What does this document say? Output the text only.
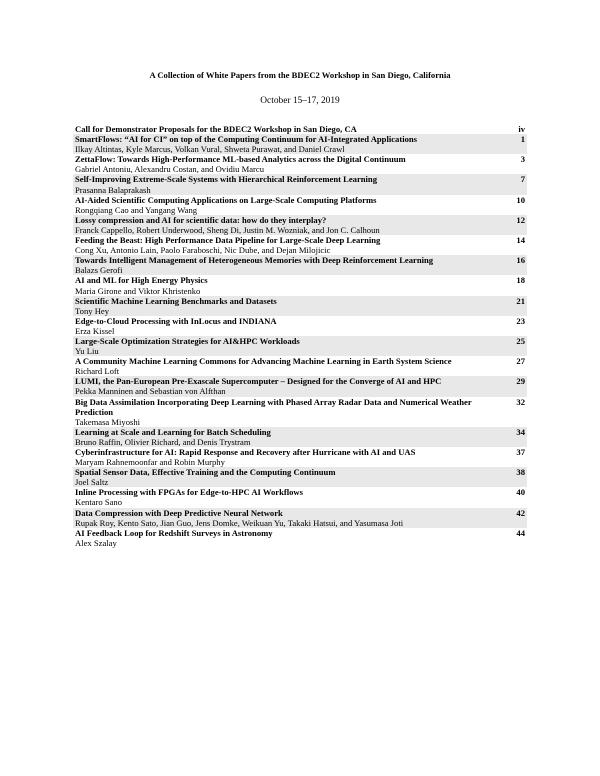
A Collection of White Papers from the BDEC2 Workshop in San Diego, California
October 15–17, 2019
Call for Demonstrator Proposals for the BDEC2 Workshop in San Diego, CA	iv
SmartFlows: “AI for CI” on top of the Computing Continuum for AI-Integrated Applications
Ilkay Altintas, Kyle Marcus, Volkan Vural, Shweta Purawat, and Daniel Crawl
1
ZettaFlow: Towards High-Performance ML-based Analytics across the Digital Continuum
Gabriel Antoniu, Alexandru Costan, and Ovidiu Marcu
3
Self-Improving Extreme-Scale Systems with Hierarchical Reinforcement Learning
Prasanna Balaprakash
7
AI-Aided Scientific Computing Applications on Large-Scale Computing Platforms
Rongqiang Cao and Yangang Wang
10
Lossy compression and AI for scientific data: how do they interplay?
Franck Cappello, Robert Underwood, Sheng Di, Justin M. Wozniak, and Jon C. Calhoun
12
Feeding the Beast: High Performance Data Pipeline for Large-Scale Deep Learning
Cong Xu, Antonio Lain, Paolo Faraboschi, Nic Dube, and Dejan Milojicic
14
Towards Intelligent Management of Heterogeneous Memories with Deep Reinforcement Learning
Balazs Gerofi
16
AI and ML for High Energy Physics
Maria Girone and Viktor Khristenko
18
Scientific Machine Learning Benchmarks and Datasets
Tony Hey
21
Edge-to-Cloud Processing with InLocus and INDIANA
Erza Kissel
23
Large-Scale Optimization Strategies for AI&HPC Workloads
Yu Liu
25
A Community Machine Learning Commons for Advancing Machine Learning in Earth System Science
Richard Loft
27
LUMI, the Pan-European Pre-Exascale Supercomputer – Designed for the Converge of AI and HPC
Pekka Manninen and Sebastian von Alfthan
29
Big Data Assimilation Incorporating Deep Learning with Phased Array Radar Data and Numerical Weather Prediction
Takemasa Miyoshi
32
Learning at Scale and Learning for Batch Scheduling
Bruno Raffin, Olivier Richard, and Denis Trystram
34
Cyberinfrastructure for AI: Rapid Response and Recovery after Hurricane with AI and UAS
Maryam Rahnemoonfar and Robin Murphy
37
Spatial Sensor Data, Effective Training and the Computing Continuum
Joel Saltz
38
Inline Processing with FPGAs for Edge-to-HPC AI Workflows
Kentaro Sano
40
Data Compression with Deep Predictive Neural Network
Rupak Roy, Kento Sato, Jian Guo, Jens Domke, Weikuan Yu, Takaki Hatsui, and Yasumasa Joti
42
AI Feedback Loop for Redshift Surveys in Astronomy
Alex Szalay
44
